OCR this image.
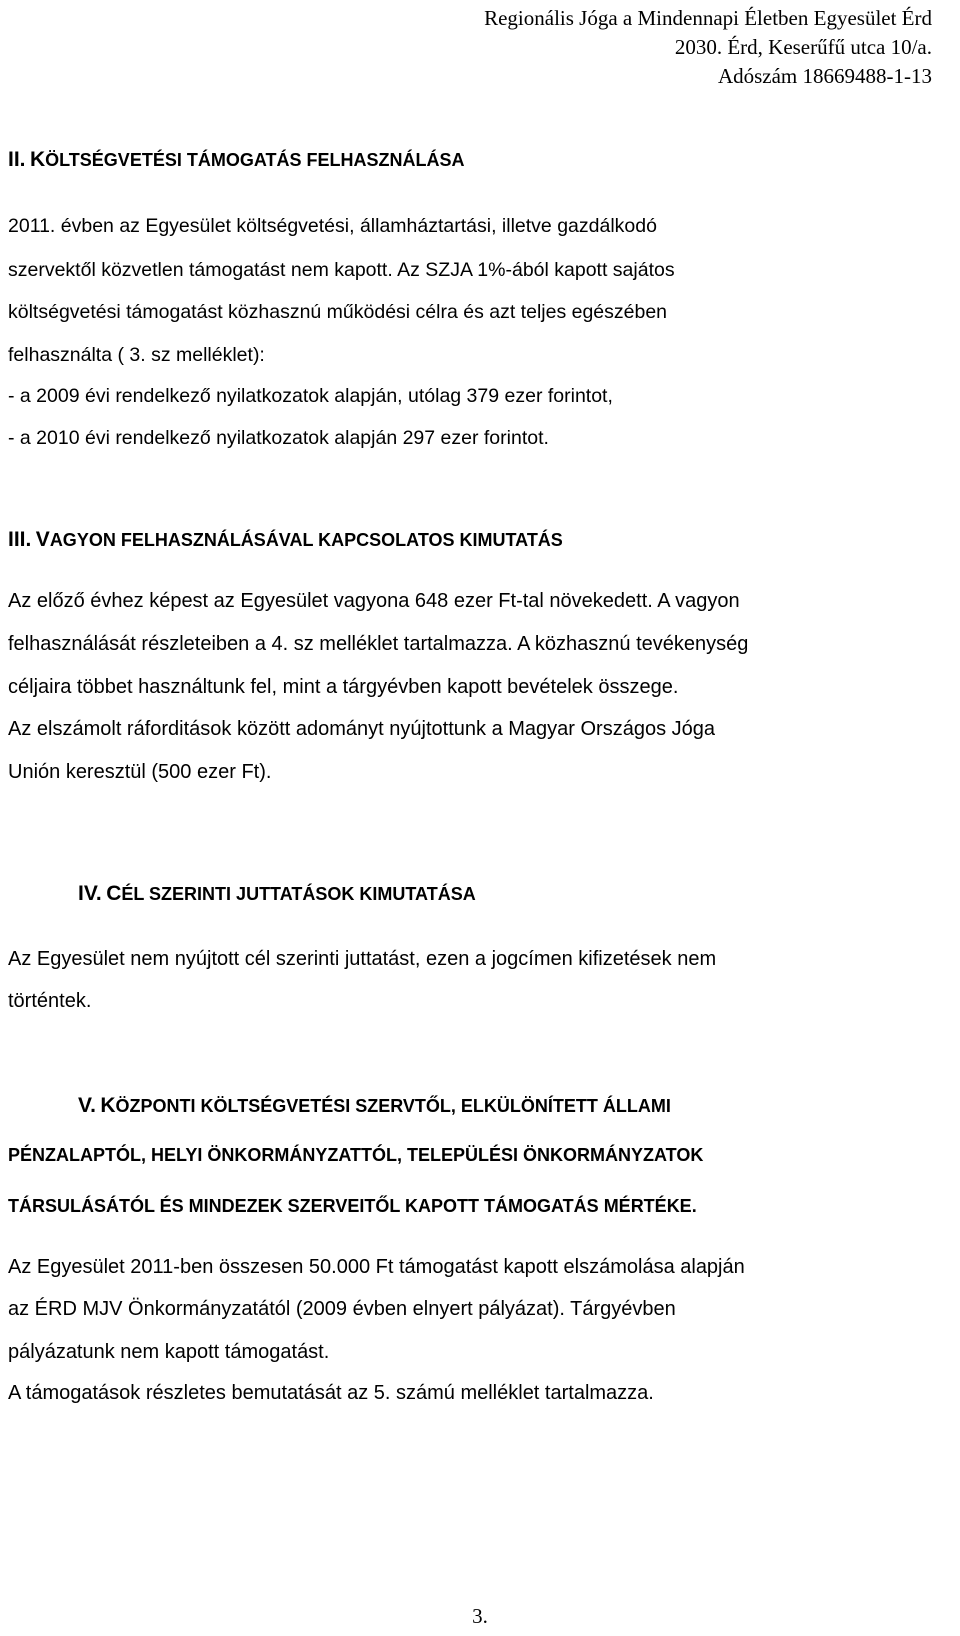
Regionális Jóga a Mindennapi Életben Egyesület Érd
2030. Érd, Keserűfű utca 10/a.
Adószám 18669488-1-13
II. KÖLTSÉGVETÉSI TÁMOGATÁS FELHASZNÁLÁSA
2011. évben az Egyesület költségvetési, államháztartási, illetve gazdálkodó
szervektől közvetlen támogatást nem kapott. Az SZJA 1%-ából kapott sajátos
költségvetési támogatást közhasznú működési célra és azt teljes egészében
felhasználta ( 3. sz melléklet):
- a 2009 évi rendelkező nyilatkozatok alapján, utólag 379 ezer forintot,
- a 2010 évi rendelkező nyilatkozatok alapján 297 ezer forintot.
III. VAGYON FELHASZNÁLÁSÁVAL KAPCSOLATOS KIMUTATÁS
Az előző évhez képest az Egyesület vagyona 648 ezer Ft-tal növekedett. A vagyon
felhasználását részleteiben a 4. sz melléklet tartalmazza. A közhasznú tevékenység
céljaira többet használtunk fel, mint a tárgyévben kapott bevételek összege.
Az elszámolt ráforditások között adományt nyújtottunk a Magyar Országos Jóga
Unión keresztül (500 ezer Ft).
IV. CÉL SZERINTI JUTTATÁSOK KIMUTATÁSA
Az Egyesület nem nyújtott cél szerinti juttatást, ezen a jogcímen kifizetések nem
történtek.
V. KÖZPONTI KÖLTSÉGVETÉSI SZERVTŐL, ELKÜLÖNÍTETT ÁLLAMI
PÉNZALAPTÓL, HELYI ÖNKORMÁNYZATTÓL, TELEPÜLÉSI ÖNKORMÁNYZATOK
TÁRSULÁSÁTÓL ÉS MINDEZEK SZERVEITŐL KAPOTT TÁMOGATÁS MÉRTÉKE.
Az Egyesület 2011-ben összesen 50.000 Ft támogatást kapott elszámolása alapján
az ÉRD MJV Önkormányzatától (2009 évben elnyert pályázat). Tárgyévben
pályázatunk nem kapott támogatást.
A támogatások részletes bemutatását az 5. számú melléklet tartalmazza.
3.
